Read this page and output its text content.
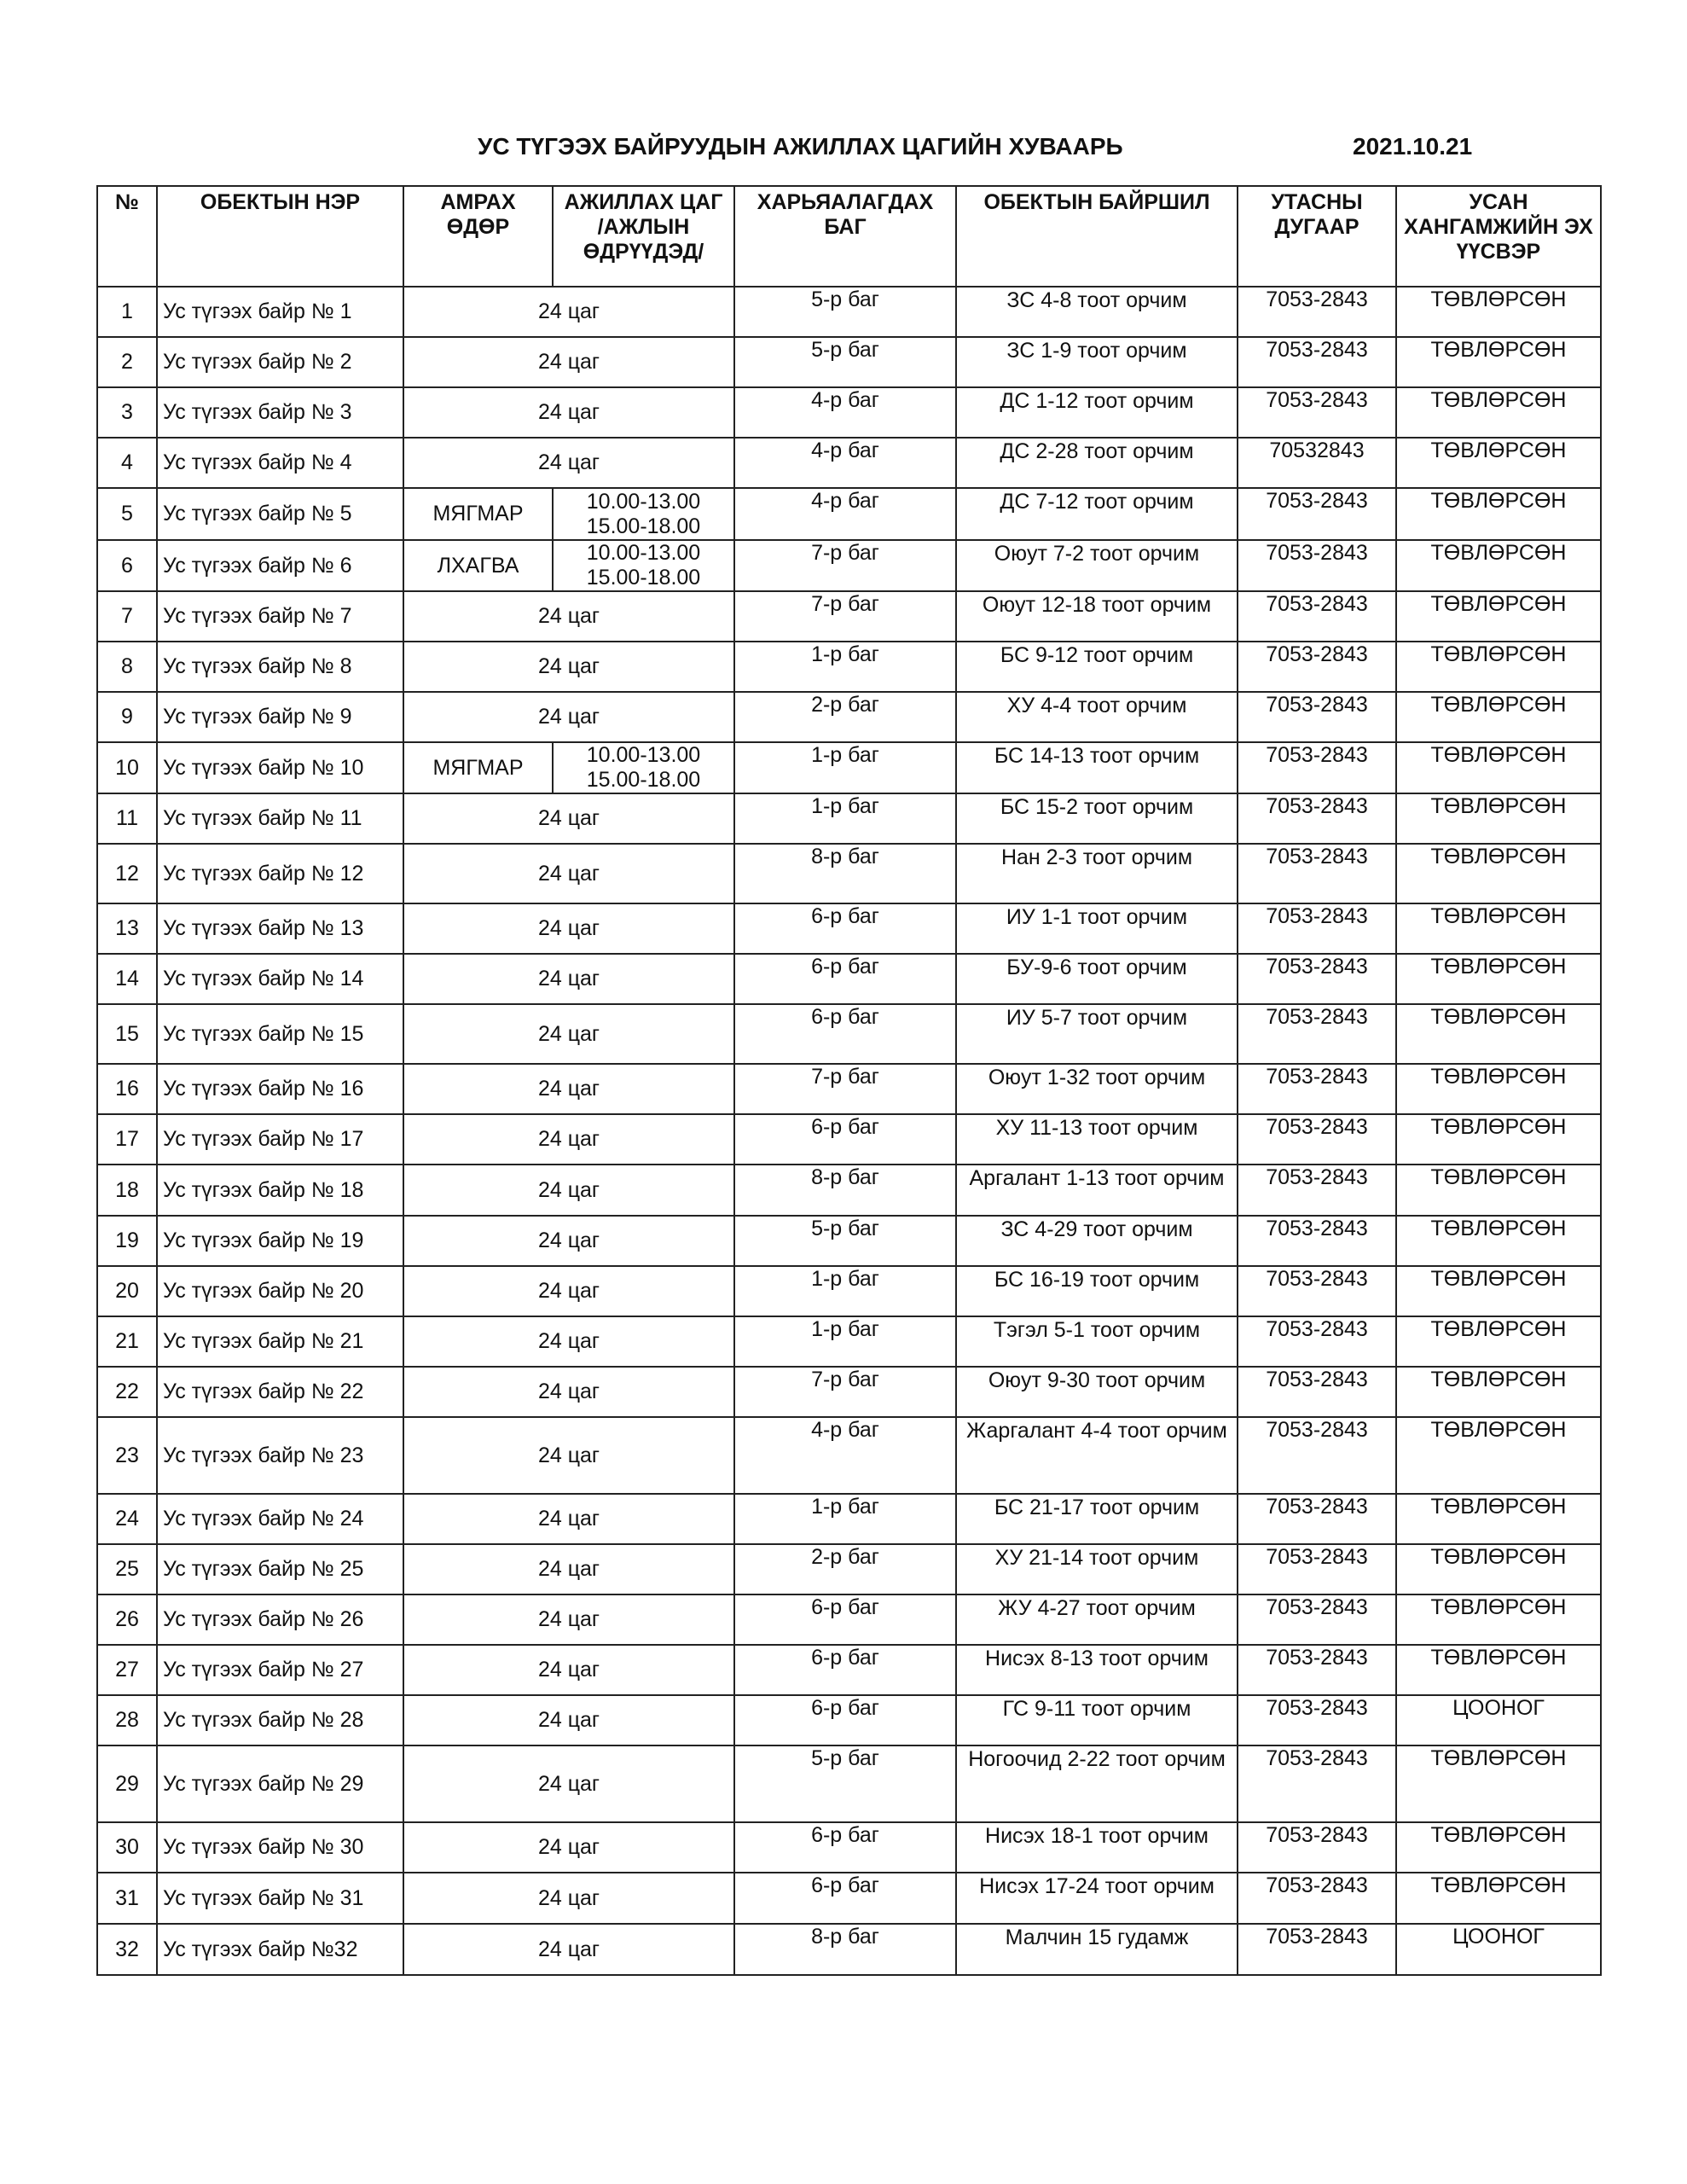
УС ТҮГЭЭХ БАЙРУУДЫН АЖИЛЛАХ ЦАГИЙН ХУВААРЬ	2021.10.21
№	ОБЕКТЫН НЭР	АМРАХ ӨДӨР	АЖИЛЛАХ ЦАГ /АЖЛЫН ӨДРҮҮДЭД/	ХАРЬЯАЛАГДАХ БАГ	ОБЕКТЫН БАЙРШИЛ	УТАСНЫ ДУГААР	УСАН ХАНГАМЖИЙН ЭХ ҮҮСВЭР
1	Ус түгээх байр № 1	24 цаг		5-р баг	ЗС 4-8 тоот орчим	7053-2843	ТӨВЛӨРСӨН
2	Ус түгээх байр № 2	24 цаг		5-р баг	ЗС 1-9 тоот орчим	7053-2843	ТӨВЛӨРСӨН
3	Ус түгээх байр № 3	24 цаг		4-р баг	ДС 1-12 тоот орчим	7053-2843	ТӨВЛӨРСӨН
4	Ус түгээх байр № 4	24 цаг		4-р баг	ДС 2-28 тоот орчим	70532843	ТӨВЛӨРСӨН
5	Ус түгээх байр № 5	МЯГМАР	10.00-13.00
15.00-18.00	4-р баг	ДС 7-12 тоот орчим	7053-2843	ТӨВЛӨРСӨН
6	Ус түгээх байр № 6	ЛХАГВА	10.00-13.00
15.00-18.00	7-р баг	Оюут 7-2 тоот орчим	7053-2843	ТӨВЛӨРСӨН
7	Ус түгээх байр № 7	24 цаг		7-р баг	Оюут 12-18 тоот орчим	7053-2843	ТӨВЛӨРСӨН
8	Ус түгээх байр № 8	24 цаг		1-р баг	БС 9-12 тоот орчим	7053-2843	ТӨВЛӨРСӨН
9	Ус түгээх байр № 9	24 цаг		2-р баг	ХУ 4-4 тоот орчим	7053-2843	ТӨВЛӨРСӨН
10	Ус түгээх байр № 10	МЯГМАР	10.00-13.00
15.00-18.00	1-р баг	БС 14-13 тоот орчим	7053-2843	ТӨВЛӨРСӨН
11	Ус түгээх байр № 11	24 цаг		1-р баг	БС 15-2 тоот орчим	7053-2843	ТӨВЛӨРСӨН
12	Ус түгээх байр № 12	24 цаг		8-р баг	Нан 2-3 тоот орчим	7053-2843	ТӨВЛӨРСӨН
13	Ус түгээх байр № 13	24 цаг		6-р баг	ИУ 1-1 тоот орчим	7053-2843	ТӨВЛӨРСӨН
14	Ус түгээх байр № 14	24 цаг		6-р баг	БУ-9-6 тоот орчим	7053-2843	ТӨВЛӨРСӨН
15	Ус түгээх байр № 15	24 цаг		6-р баг	ИУ 5-7 тоот орчим	7053-2843	ТӨВЛӨРСӨН
16	Ус түгээх байр № 16	24 цаг		7-р баг	Оюут 1-32 тоот орчим	7053-2843	ТӨВЛӨРСӨН
17	Ус түгээх байр № 17	24 цаг		6-р баг	ХУ 11-13 тоот орчим	7053-2843	ТӨВЛӨРСӨН
18	Ус түгээх байр № 18	24 цаг		8-р баг	Аргалант 1-13 тоот орчим	7053-2843	ТӨВЛӨРСӨН
19	Ус түгээх байр № 19	24 цаг		5-р баг	ЗС 4-29 тоот орчим	7053-2843	ТӨВЛӨРСӨН
20	Ус түгээх байр № 20	24 цаг		1-р баг	БС 16-19 тоот орчим	7053-2843	ТӨВЛӨРСӨН
21	Ус түгээх байр № 21	24 цаг		1-р баг	Тэгэл 5-1 тоот орчим	7053-2843	ТӨВЛӨРСӨН
22	Ус түгээх байр № 22	24 цаг		7-р баг	Оюут 9-30 тоот орчим	7053-2843	ТӨВЛӨРСӨН
23	Ус түгээх байр № 23	24 цаг		4-р баг	Жаргалант 4-4 тоот орчим	7053-2843	ТӨВЛӨРСӨН
24	Ус түгээх байр № 24	24 цаг		1-р баг	БС 21-17 тоот орчим	7053-2843	ТӨВЛӨРСӨН
25	Ус түгээх байр № 25	24 цаг		2-р баг	ХУ 21-14 тоот орчим	7053-2843	ТӨВЛӨРСӨН
26	Ус түгээх байр № 26	24 цаг		6-р баг	ЖУ 4-27 тоот орчим	7053-2843	ТӨВЛӨРСӨН
27	Ус түгээх байр № 27	24 цаг		6-р баг	Нисэх 8-13 тоот орчим	7053-2843	ТӨВЛӨРСӨН
28	Ус түгээх байр № 28	24 цаг		6-р баг	ГС 9-11 тоот орчим	7053-2843	ЦООНОГ
29	Ус түгээх байр № 29	24 цаг		5-р баг	Ногоочид 2-22 тоот орчим	7053-2843	ТӨВЛӨРСӨН
30	Ус түгээх байр № 30	24 цаг		6-р баг	Нисэх 18-1 тоот орчим	7053-2843	ТӨВЛӨРСӨН
31	Ус түгээх байр № 31	24 цаг		6-р баг	Нисэх 17-24 тоот орчим	7053-2843	ТӨВЛӨРСӨН
32	Ус түгээх байр №32	24 цаг		8-р баг	Малчин 15 гудамж	7053-2843	ЦООНОГ
